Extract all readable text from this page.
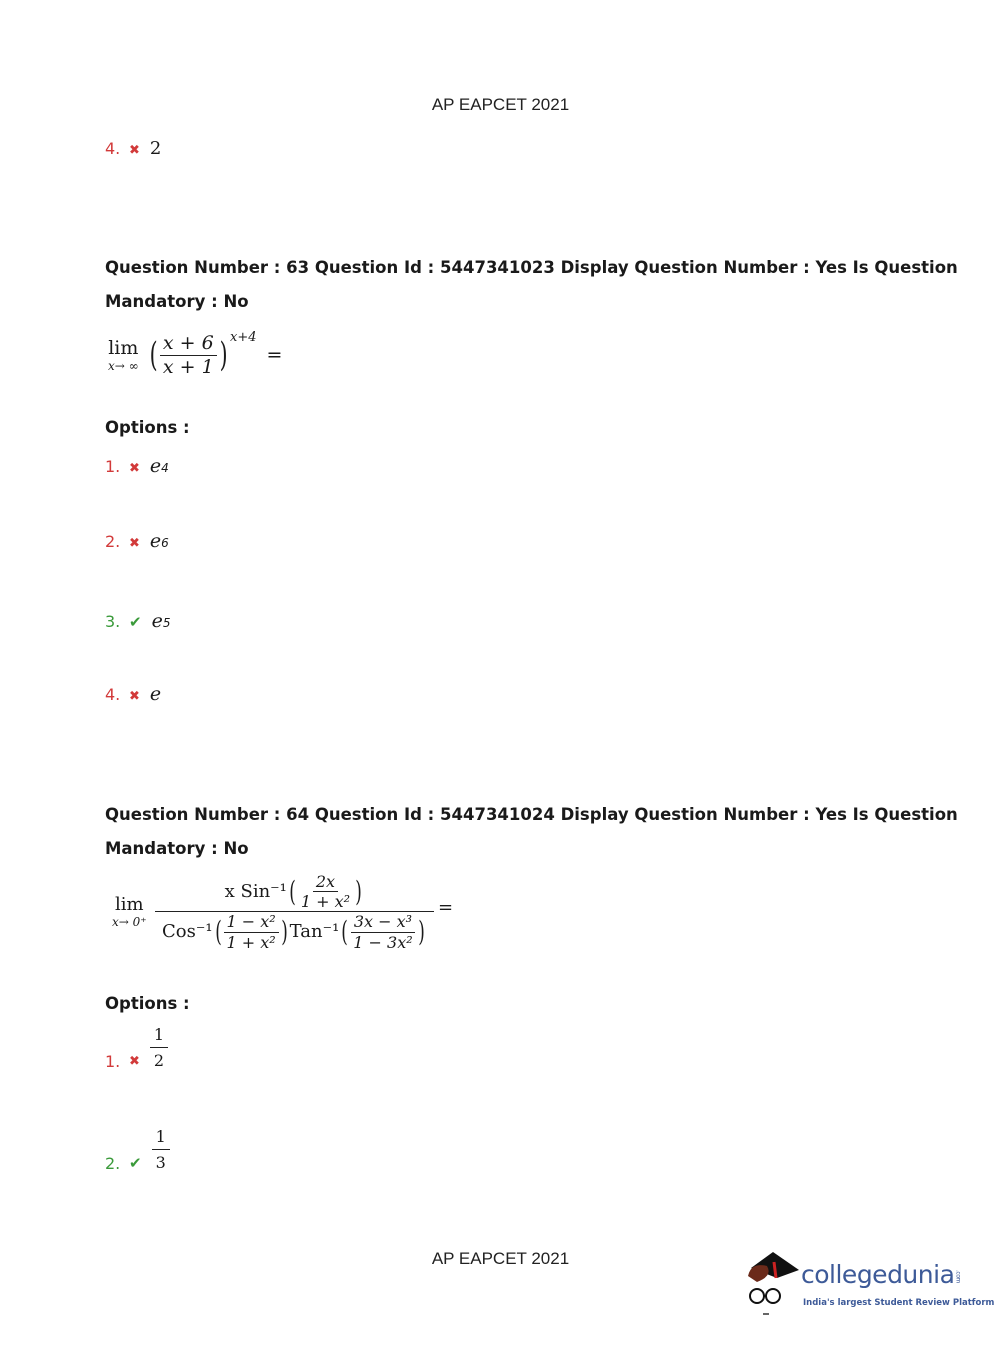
AP EAPCET 2021
4. ✖ 2
Question Number : 63 Question Id : 5447341023 Display Question Number : Yes Is Question
Mandatory : No
lim
x→ ∞ ( $\frac{x + 6}{x + 1}$ ) x+4
=
Options :
1. ✖ e 4
2. ✖ e 6
3. ✔ e 5
4. ✖ e
Question Number : 64 Question Id : 5447341024 Display Question Number : Yes Is Question
Mandatory : No
lim
x→ 0⁺
x Sin⁻¹ ( $\frac{2x}{\text{1 + x²}}$ )
Cos⁻¹ ( $\frac{\text{1 − x²}}{\text{1 + x²}}$ ) Tan⁻¹ ( $\frac{\text{3x − x³}}{\text{1 − 3x²}}$ )
=
Options :
1. ✖ $\frac{1}{2}$
2. ✔ $\frac{1}{3}$
AP EAPCET 2021
collegedunia.com
India's largest Student Review Platform
